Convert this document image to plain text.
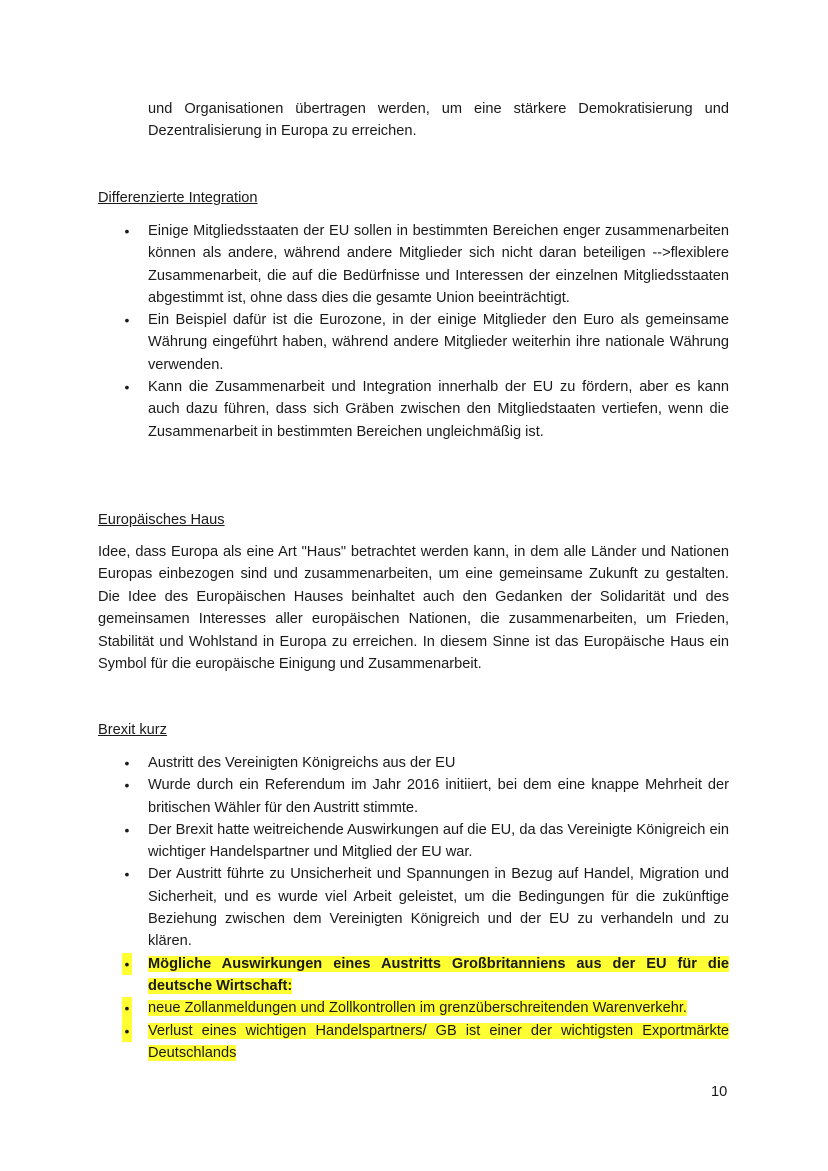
und Organisationen übertragen werden, um eine stärkere Demokratisierung und Dezentralisierung in Europa zu erreichen.
Differenzierte Integration
• Einige Mitgliedsstaaten der EU sollen in bestimmten Bereichen enger zusammenarbeiten können als andere, während andere Mitglieder sich nicht daran beteiligen -->flexiblere Zusammenarbeit, die auf die Bedürfnisse und Interessen der einzelnen Mitgliedsstaaten abgestimmt ist, ohne dass dies die gesamte Union beeinträchtigt.
• Ein Beispiel dafür ist die Eurozone, in der einige Mitglieder den Euro als gemeinsame Währung eingeführt haben, während andere Mitglieder weiterhin ihre nationale Währung verwenden.
• Kann die Zusammenarbeit und Integration innerhalb der EU zu fördern, aber es kann auch dazu führen, dass sich Gräben zwischen den Mitgliedstaaten vertiefen, wenn die Zusammenarbeit in bestimmten Bereichen ungleichmäßig ist.
Europäisches Haus
Idee, dass Europa als eine Art "Haus" betrachtet werden kann, in dem alle Länder und Nationen Europas einbezogen sind und zusammenarbeiten, um eine gemeinsame Zukunft zu gestalten. Die Idee des Europäischen Hauses beinhaltet auch den Gedanken der Solidarität und des gemeinsamen Interesses aller europäischen Nationen, die zusammenarbeiten, um Frieden, Stabilität und Wohlstand in Europa zu erreichen. In diesem Sinne ist das Europäische Haus ein Symbol für die europäische Einigung und Zusammenarbeit.
Brexit kurz
• Austritt des Vereinigten Königreichs aus der EU
• Wurde durch ein Referendum im Jahr 2016 initiiert, bei dem eine knappe Mehrheit der britischen Wähler für den Austritt stimmte.
• Der Brexit hatte weitreichende Auswirkungen auf die EU, da das Vereinigte Königreich ein wichtiger Handelspartner und Mitglied der EU war.
• Der Austritt führte zu Unsicherheit und Spannungen in Bezug auf Handel, Migration und Sicherheit, und es wurde viel Arbeit geleistet, um die Bedingungen für die zukünftige Beziehung zwischen dem Vereinigten Königreich und der EU zu verhandeln und zu klären.
• Mögliche Auswirkungen eines Austritts Großbritanniens aus der EU für die deutsche Wirtschaft:
• neue Zollanmeldungen und Zollkontrollen im grenzüberschreitenden Warenverkehr.
• Verlust eines wichtigen Handelspartners/ GB ist einer der wichtigsten Exportmärkte Deutschlands
10
